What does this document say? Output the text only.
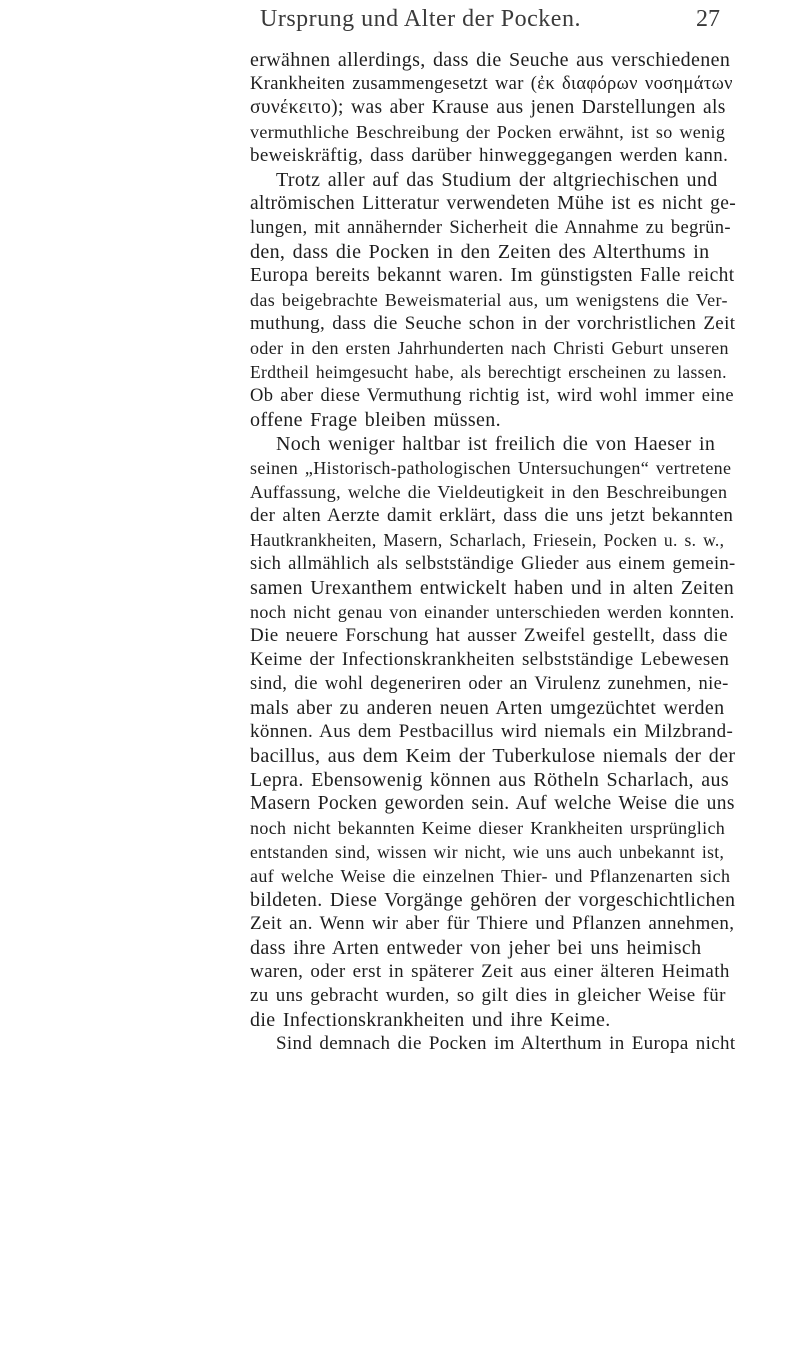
Ursprung und Alter der Pocken.	27
erwähnen allerdings, dass die Seuche aus verschiedenen
Krankheiten zusammengesetzt war (ἐκ διαφόρων νοσημάτων
συνέκειτο); was aber Krause aus jenen Darstellungen als
vermuthliche Beschreibung der Pocken erwähnt, ist so wenig
beweiskräftig, dass darüber hinweggegangen werden kann.
Trotz aller auf das Studium der altgriechischen und
altrömischen Litteratur verwendeten Mühe ist es nicht ge-
lungen, mit annähernder Sicherheit die Annahme zu begrün-
den, dass die Pocken in den Zeiten des Alterthums in
Europa bereits bekannt waren. Im günstigsten Falle reicht
das beigebrachte Beweismaterial aus, um wenigstens die Ver-
muthung, dass die Seuche schon in der vorchristlichen Zeit
oder in den ersten Jahrhunderten nach Christi Geburt unseren
Erdtheil heimgesucht habe, als berechtigt erscheinen zu lassen.
Ob aber diese Vermuthung richtig ist, wird wohl immer eine
offene Frage bleiben müssen.
Noch weniger haltbar ist freilich die von Haeser in
seinen „Historisch-pathologischen Untersuchungen“ vertretene
Auffassung, welche die Vieldeutigkeit in den Beschreibungen
der alten Aerzte damit erklärt, dass die uns jetzt bekannten
Hautkrankheiten, Masern, Scharlach, Friesein, Pocken u. s. w.,
sich allmählich als selbstständige Glieder aus einem gemein-
samen Urexanthem entwickelt haben und in alten Zeiten
noch nicht genau von einander unterschieden werden konnten.
Die neuere Forschung hat ausser Zweifel gestellt, dass die
Keime der Infectionskrankheiten selbstständige Lebewesen
sind, die wohl degeneriren oder an Virulenz zunehmen, nie-
mals aber zu anderen neuen Arten umgezüchtet werden
können. Aus dem Pestbacillus wird niemals ein Milzbrand-
bacillus, aus dem Keim der Tuberkulose niemals der der
Lepra. Ebensowenig können aus Rötheln Scharlach, aus
Masern Pocken geworden sein. Auf welche Weise die uns
noch nicht bekannten Keime dieser Krankheiten ursprünglich
entstanden sind, wissen wir nicht, wie uns auch unbekannt ist,
auf welche Weise die einzelnen Thier- und Pflanzenarten sich
bildeten. Diese Vorgänge gehören der vorgeschichtlichen
Zeit an. Wenn wir aber für Thiere und Pflanzen annehmen,
dass ihre Arten entweder von jeher bei uns heimisch
waren, oder erst in späterer Zeit aus einer älteren Heimath
zu uns gebracht wurden, so gilt dies in gleicher Weise für
die Infectionskrankheiten und ihre Keime.
Sind demnach die Pocken im Alterthum in Europa nicht
